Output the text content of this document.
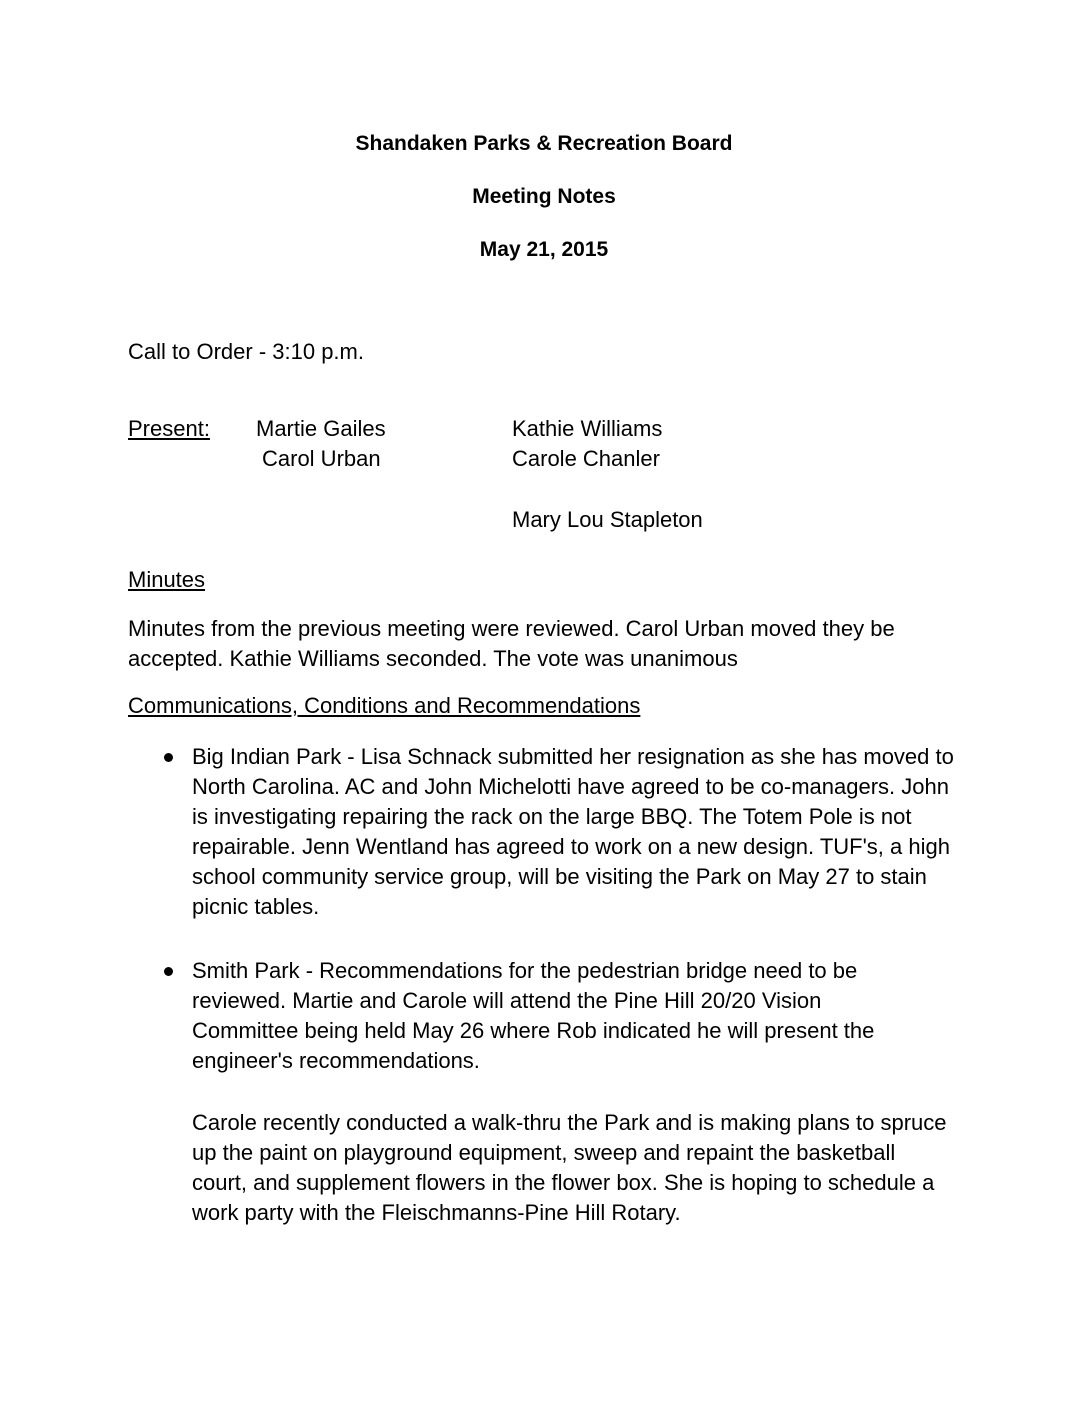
Shandaken Parks & Recreation Board
Meeting Notes
May 21, 2015
Call to Order - 3:10 p.m.
Present: Martie Gailes
Carol Urban
Kathie Williams
Carole Chanler
Mary Lou Stapleton
Minutes
Minutes from the previous meeting were reviewed. Carol Urban moved they be accepted. Kathie Williams seconded. The vote was unanimous
Communications, Conditions and Recommendations
Big Indian Park - Lisa Schnack submitted her resignation as she has moved to North Carolina. AC and John Michelotti have agreed to be co-managers. John is investigating repairing the rack on the large BBQ. The Totem Pole is not repairable. Jenn Wentland has agreed to work on a new design. TUF's, a high school community service group, will be visiting the Park on May 27 to stain picnic tables.
Smith Park - Recommendations for the pedestrian bridge need to be reviewed. Martie and Carole will attend the Pine Hill 20/20 Vision Committee being held May 26 where Rob indicated he will present the engineer's recommendations.
Carole recently conducted a walk-thru the Park and is making plans to spruce up the paint on playground equipment, sweep and repaint the basketball court, and supplement flowers in the flower box. She is hoping to schedule a work party with the Fleischmanns-Pine Hill Rotary.
